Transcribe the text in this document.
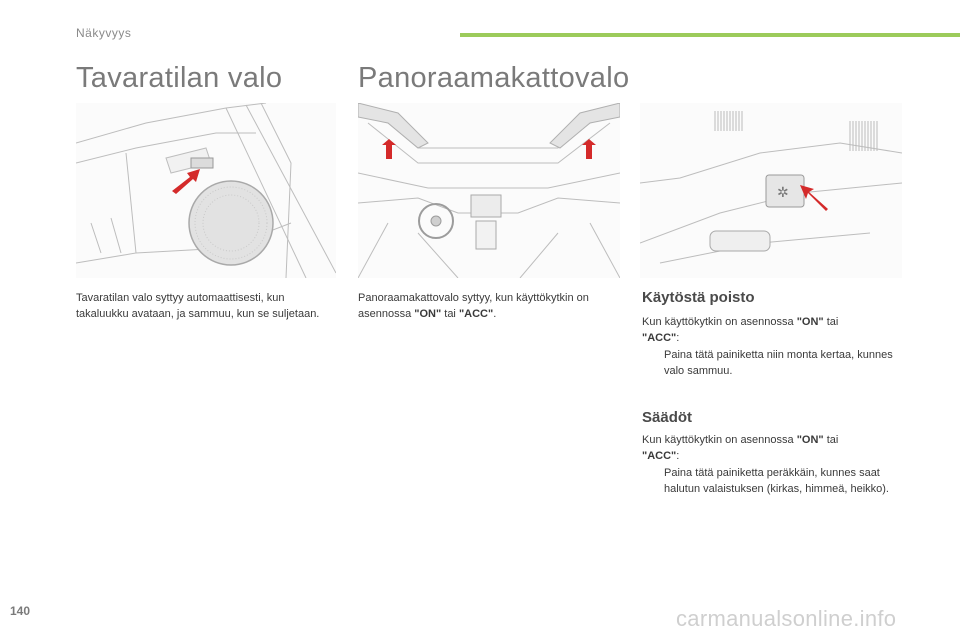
Näkyvyys
Tavaratilan valo	Panoraamakattovalo
✲

Tavaratilan valo syttyy automaattisesti, kun takaluukku avataan, ja sammuu, kun se suljetaan.

Panoraamakattovalo syttyy, kun käyttökytkin on asennossa "ON" tai "ACC".

Käytöstä poisto
Kun käyttökytkin on asennossa "ON" tai
"ACC":
Paina tätä painiketta niin monta kertaa, kunnes valo sammuu.
Säädöt
Kun käyttökytkin on asennossa "ON" tai
"ACC":
Paina tätä painiketta peräkkäin, kunnes saat halutun valaistuksen (kirkas, himmeä, heikko).
140	carmanualsonline.info
